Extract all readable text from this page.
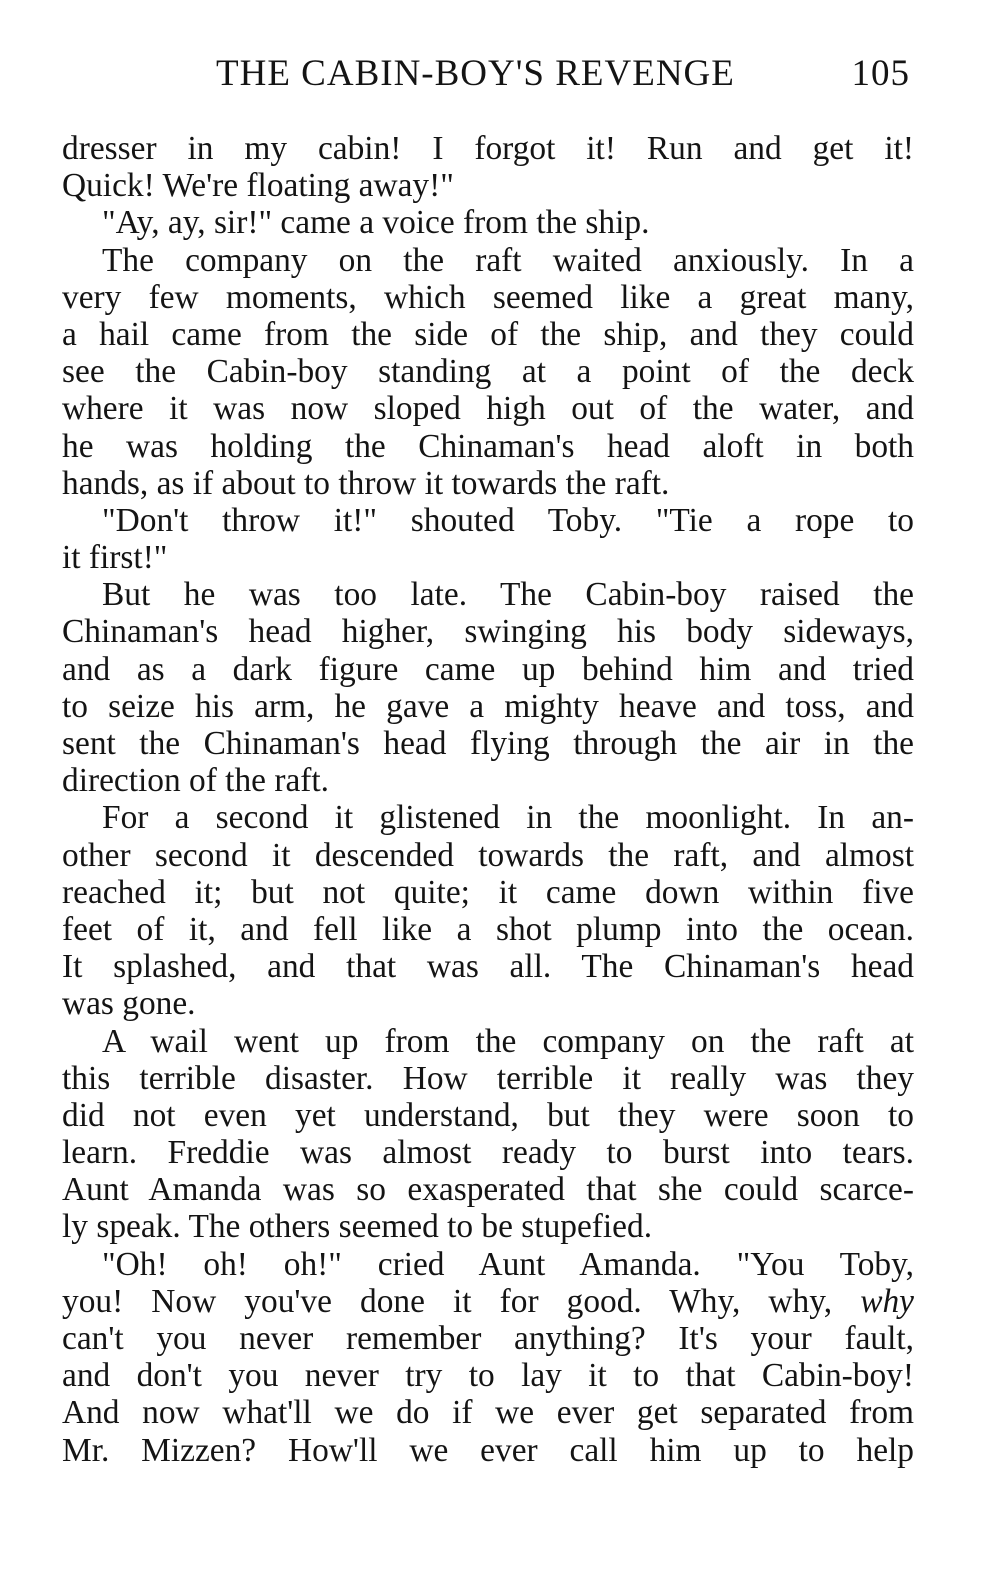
THE CABIN-BOY'S REVENGE	105
dresser in my cabin! I forgot it! Run and get it!
Quick! We're floating away!"
"Ay, ay, sir!" came a voice from the ship.
The company on the raft waited anxiously. In a
very few moments, which seemed like a great many,
a hail came from the side of the ship, and they could
see the Cabin-boy standing at a point of the deck
where it was now sloped high out of the water, and
he was holding the Chinaman's head aloft in both
hands, as if about to throw it towards the raft.
"Don't throw it!" shouted Toby. "Tie a rope to
it first!"
But he was too late. The Cabin-boy raised the
Chinaman's head higher, swinging his body sideways,
and as a dark figure came up behind him and tried
to seize his arm, he gave a mighty heave and toss, and
sent the Chinaman's head flying through the air in the
direction of the raft.
For a second it glistened in the moonlight. In an-
other second it descended towards the raft, and almost
reached it; but not quite; it came down within five
feet of it, and fell like a shot plump into the ocean.
It splashed, and that was all. The Chinaman's head
was gone.
A wail went up from the company on the raft at
this terrible disaster. How terrible it really was they
did not even yet understand, but they were soon to
learn. Freddie was almost ready to burst into tears.
Aunt Amanda was so exasperated that she could scarce-
ly speak. The others seemed to be stupefied.
"Oh! oh! oh!" cried Aunt Amanda. "You Toby,
you! Now you've done it for good. Why, why, why
can't you never remember anything? It's your fault,
and don't you never try to lay it to that Cabin-boy!
And now what'll we do if we ever get separated from
Mr. Mizzen? How'll we ever call him up to help
